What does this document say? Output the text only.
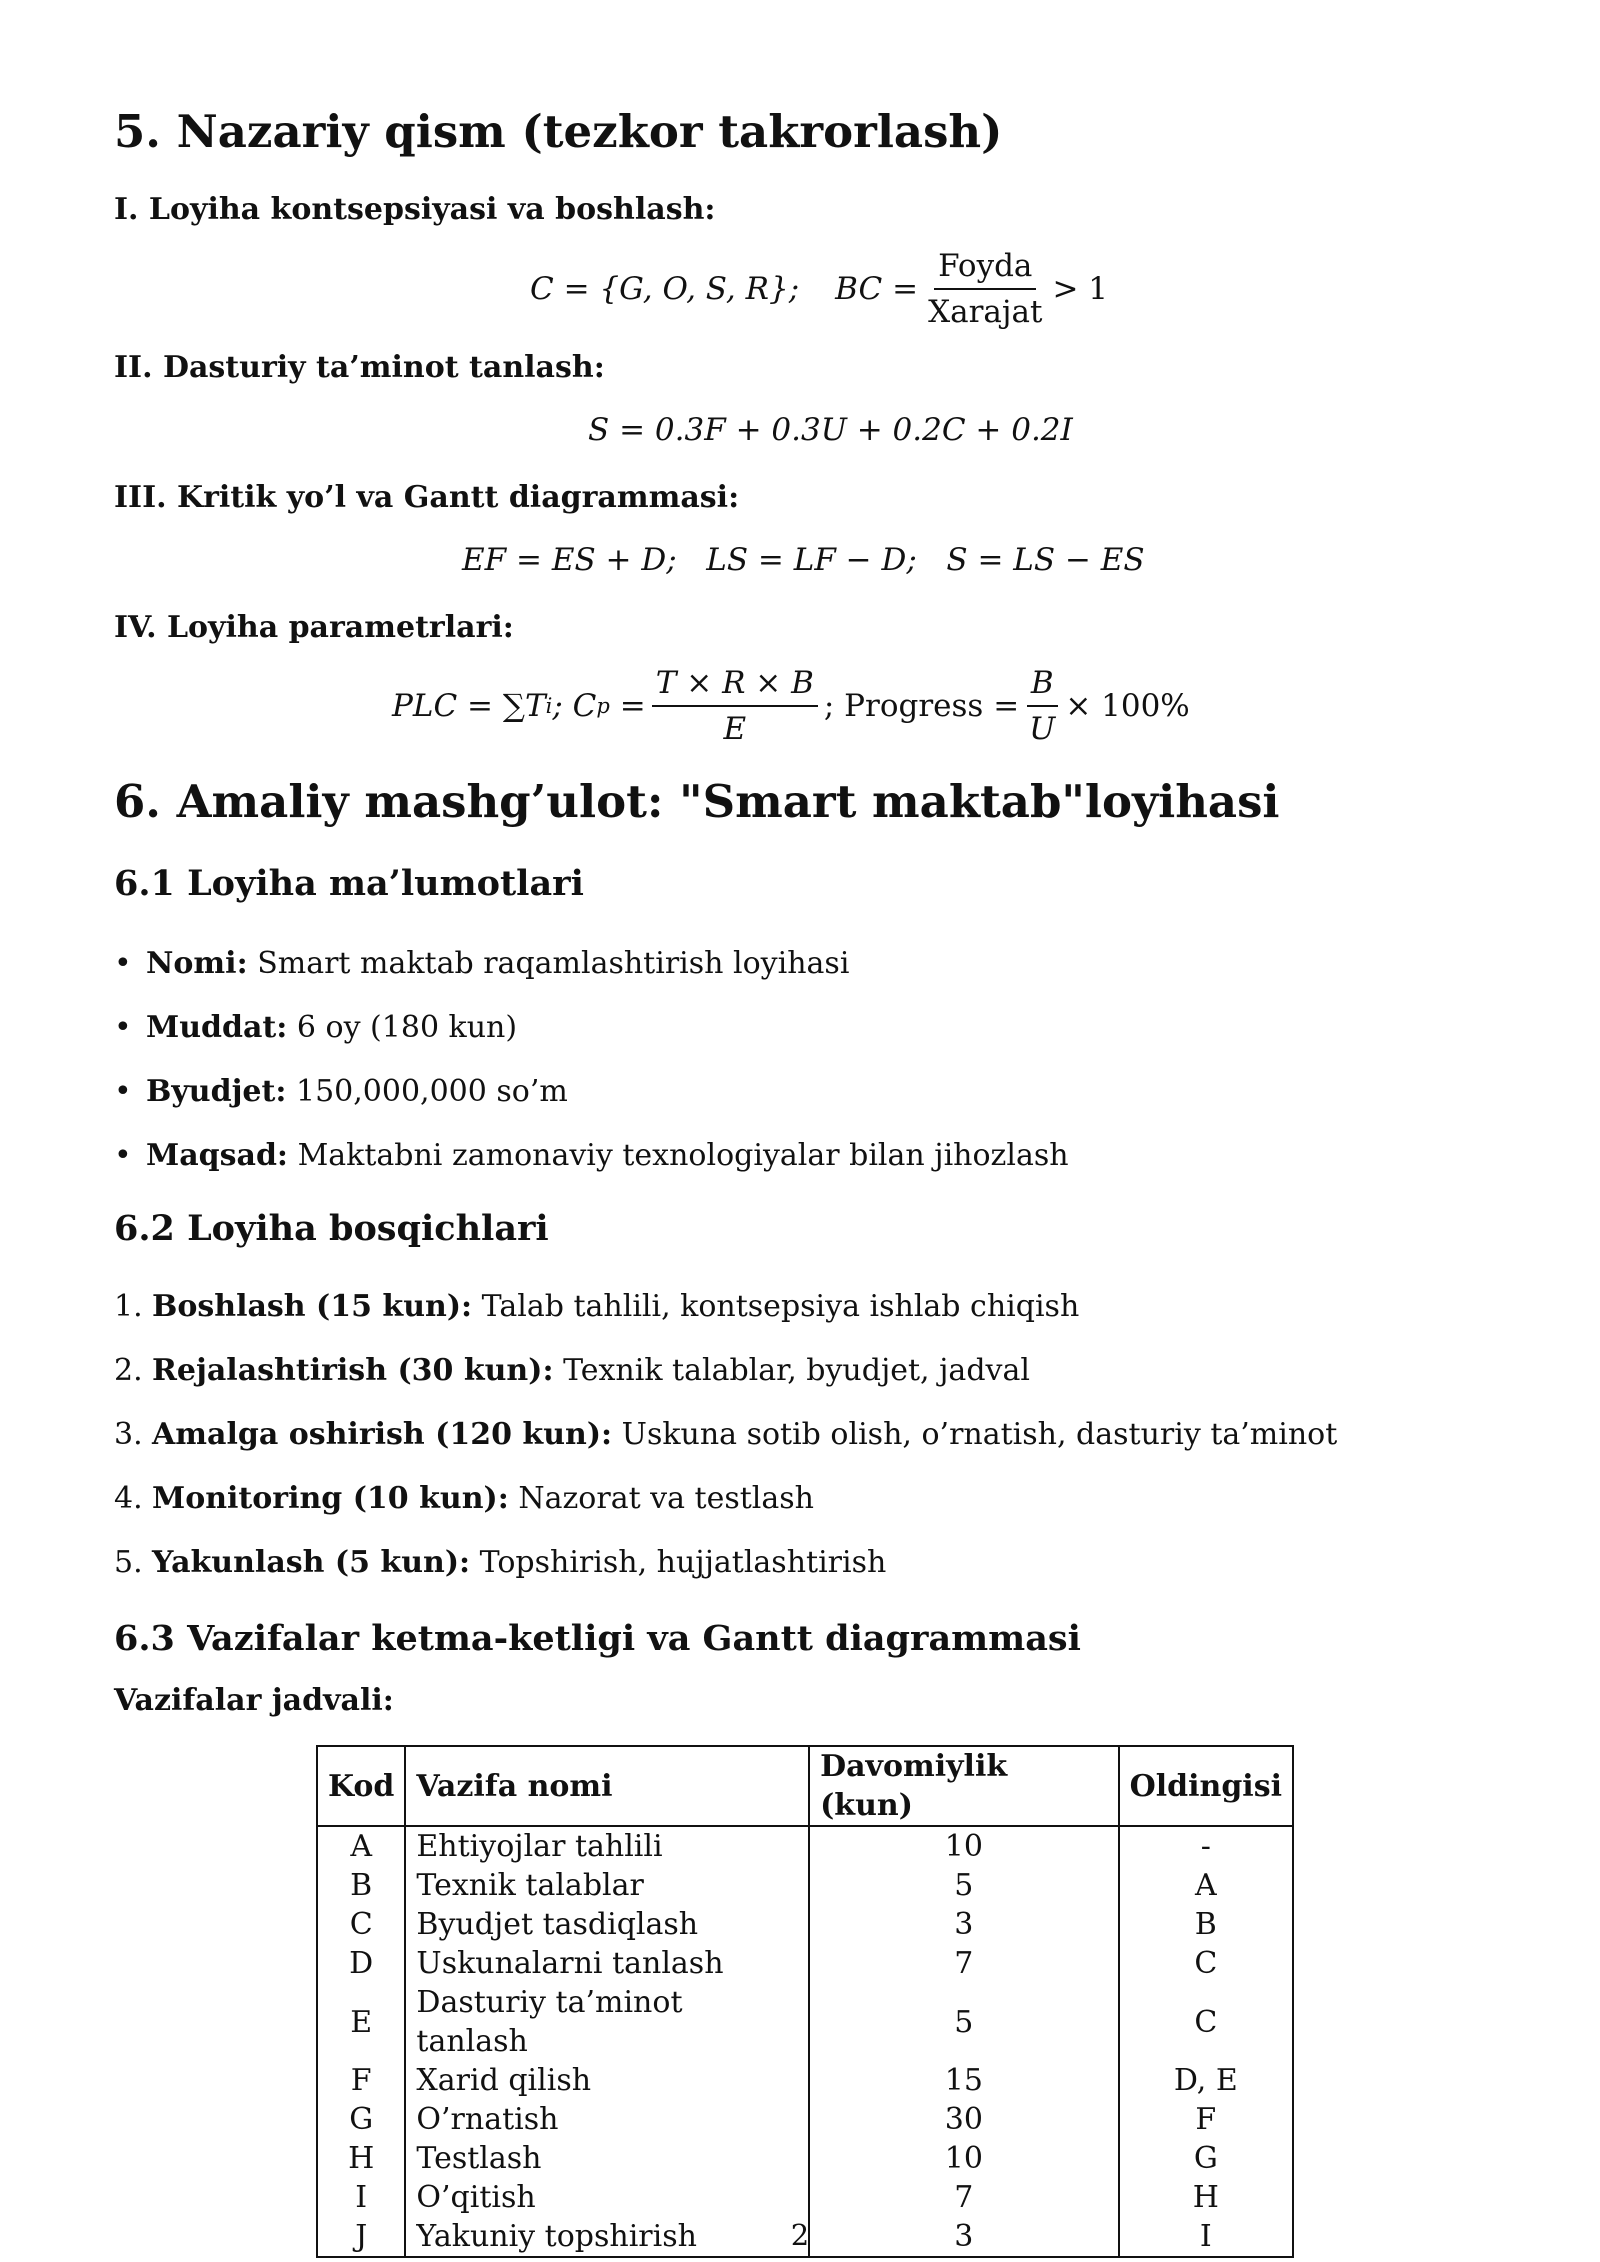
5. Nazariy qism (tezkor takrorlash)
I. Loyiha kontsepsiyasi va boshlash:
C = {G, O, S, R}; BC = $\frac{\text{Foyda}}{\text{Xarajat}} > 1$
II. Dasturiy ta’minot tanlash:
S = 0.3F + 0.3U + 0.2C + 0.2I
III. Kritik yo’l va Gantt diagrammasi:
EF = ES + D;   LS = LF − D;   S = LS − ES
IV. Loyiha parametrlari:
PLC = ∑T i ; C $p = \frac{T \times R \times B}{E}$ ; Progress = $\frac{B}{U} \times 100\%$
6. Amaliy mashg’ulot: "Smart maktab"loyihasi
6.1 Loyiha ma’lumotlari
• Nomi: Smart maktab raqamlashtirish loyihasi
• Muddat: 6 oy (180 kun)
• Byudjet: 150,000,000 so’m
• Maqsad: Maktabni zamonaviy texnologiyalar bilan jihozlash
6.2 Loyiha bosqichlari
1. Boshlash (15 kun): Talab tahlili, kontsepsiya ishlab chiqish
2. Rejalashtirish (30 kun): Texnik talablar, byudjet, jadval
3. Amalga oshirish (120 kun): Uskuna sotib olish, o’rnatish, dasturiy ta’minot
4. Monitoring (10 kun): Nazorat va testlash
5. Yakunlash (5 kun): Topshirish, hujjatlashtirish
6.3 Vazifalar ketma-ketligi va Gantt diagrammasi
Vazifalar jadvali:
Kod	Vazifa nomi	Davomiylik (kun)	Oldingisi
A	Ehtiyojlar tahlili	10	-
B	Texnik talablar	5	A
C	Byudjet tasdiqlash	3	B
D	Uskunalarni tanlash	7	C
E	Dasturiy ta’minot tanlash	5	C
F	Xarid qilish	15	D, E
G	O’rnatish	30	F
H	Testlash	10	G
I	O’qitish	7	H
J	Yakuniy topshirish	3	I
2
